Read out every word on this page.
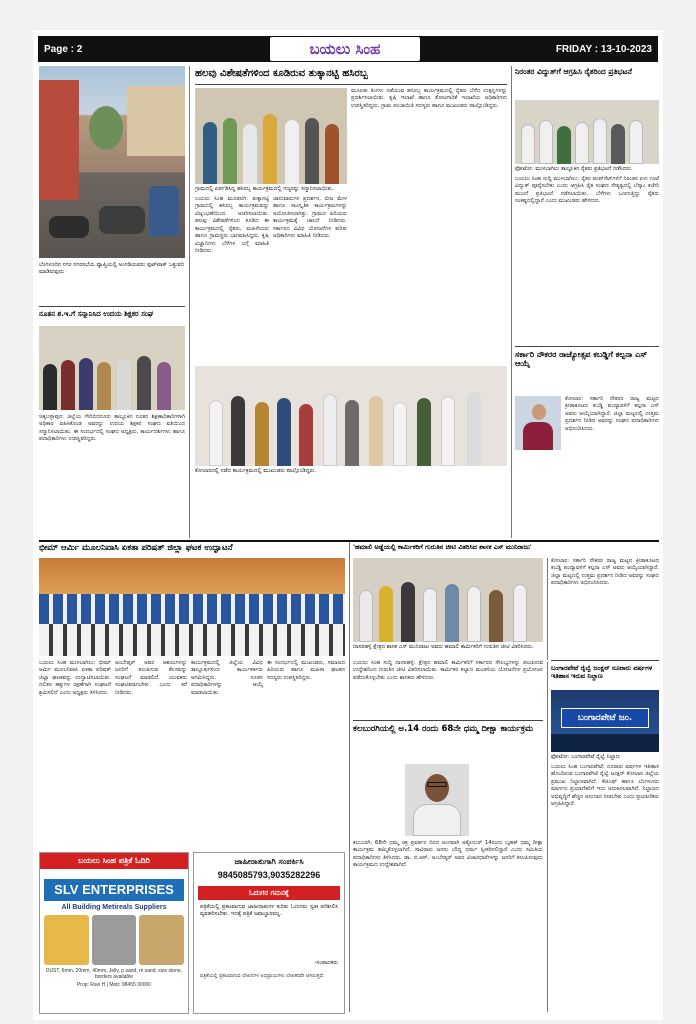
Page : 2	FRIDAY : 13-10-2023
ಬಯಲು ಸಿಂಹ
ಬೆಂಗಳೂರಿನ ನಗರ ನಗರಸಭೆಯ ವ್ಯಾಪ್ತಿಯಲ್ಲಿ ಅಂಗಡಿಯವರು ಫುಟ್‌ಪಾತ್ ಒತ್ತುವರಿ ಮಾಡಿರುವುದು
ನೂತನ ಶ.ಇ.ಗೆ ಸನ್ಮಾನಿಸಿದ ಉದಯ ಶಿಕ್ಷಕರ ಸಂಘ
ಚಿಕ್ಕಬಳ್ಳಾಪುರ: ಜಿಲ್ಲೆಯ ಗೌರಿಬಿದನೂರು ತಾಲ್ಲೂಕಿನ ನೂತನ ಶಿಕ್ಷಣಾಧಿಕಾರಿಗಳಾಗಿ ಅಧಿಕಾರ ವಹಿಸಿಕೊಂಡ ಅವರನ್ನು ಉದಯ ಶಿಕ್ಷಕರ ಸಂಘದ ವತಿಯಿಂದ ಸನ್ಮಾನಿಸಲಾಯಿತು. ಈ ಸಂದರ್ಭದಲ್ಲಿ ಸಂಘದ ಅಧ್ಯಕ್ಷರು, ಕಾರ್ಯದರ್ಶಿಗಳು ಹಾಗೂ ಪದಾಧಿಕಾರಿಗಳು ಉಪಸ್ಥಿತರಿದ್ದರು.
ಹಲವು ವಿಶೇಷತೆಗಳಿಂದ ಕೂಡಿರುವ ತುಕ್ಕಾನಟ್ಟಿ ಹಸಿರಬ್ಬ
ಗ್ರಾಮದಲ್ಲಿ ಏರ್ಪಡಿಸಿದ್ದ ಹಸಿರಬ್ಬ ಕಾರ್ಯಕ್ರಮದಲ್ಲಿ ಗಣ್ಯರನ್ನು ಸನ್ಮಾನಿಸಲಾಯಿತು.
ಬಯಲು ಸಿಂಹ ಮೂಡಲಗಿ: ತುಕ್ಕಾನಟ್ಟಿ ಗ್ರಾಮದಲ್ಲಿ ಹಸಿರಬ್ಬ ಕಾರ್ಯಕ್ರಮವನ್ನು ವಿಜೃಂಭಣೆಯಿಂದ ಆಚರಿಸಲಾಯಿತು. ಹಲವು ವಿಶೇಷತೆಗಳಿಂದ ಕೂಡಿದ ಈ ಕಾರ್ಯಕ್ರಮದಲ್ಲಿ ರೈತರು, ಮಹಿಳೆಯರು ಹಾಗೂ ಗ್ರಾಮಸ್ಥರು ಭಾಗವಹಿಸಿದ್ದರು. ಕೃಷಿ ವಿಜ್ಞಾನಿಗಳು ಬೆಳೆಗಳ ಬಗ್ಗೆ ಮಾಹಿತಿ ನೀಡಿದರು.
ಜಾನುವಾರುಗಳ ಪ್ರದರ್ಶನ, ಬೀಜ ಮೇಳ ಹಾಗೂ ಸಾಂಸ್ಕೃತಿಕ ಕಾರ್ಯಕ್ರಮಗಳನ್ನು ಆಯೋಜಿಸಲಾಗಿತ್ತು. ಗ್ರಾಮದ ಹಿರಿಯರು ಕಾರ್ಯಕ್ರಮಕ್ಕೆ ಚಾಲನೆ ನೀಡಿದರು. ಸರ್ಕಾರದ ವಿವಿಧ ಯೋಜನೆಗಳ ಕುರಿತು ಅಧಿಕಾರಿಗಳು ಮಾಹಿತಿ ನೀಡಿದರು.
ಮೂಲತಃ ತಿಂಗಳು ನಡೆಯುವ ಹಸಿರಬ್ಬ ಕಾರ್ಯಕ್ರಮದಲ್ಲಿ ರೈತರು ಬೆಳೆದ ಉತ್ಪನ್ನಗಳನ್ನು ಪ್ರದರ್ಶಿಸಲಾಯಿತು. ಕೃಷಿ ಇಲಾಖೆ ಹಾಗೂ ತೋಟಗಾರಿಕೆ ಇಲಾಖೆಯ ಅಧಿಕಾರಿಗಳು ಉಪಸ್ಥಿತರಿದ್ದರು. ಗ್ರಾಮ ಪಂಚಾಯಿತಿ ಸದಸ್ಯರು ಹಾಗೂ ಮುಖಂಡರು ಪಾಲ್ಗೊಂಡಿದ್ದರು.
ಕೋಲಾರದಲ್ಲಿ ನಡೆದ ಕಾರ್ಯಕ್ರಮದಲ್ಲಿ ಮುಖಂಡರು ಪಾಲ್ಗೊಂಡಿದ್ದರು.
ನಿರಂತರ ವಿದ್ಯುತ್‌ಗೆ ಆಗ್ರಹಿಸಿ ರೈತರಿಂದ ಪ್ರತಿಭಟನೆ
ಫೋಟೋ: ಮುಳಬಾಗಿಲು ತಾಲ್ಲೂಕಿನ ರೈತರು ಪ್ರತಿಭಟನೆ ನಡೆಸಿದರು.
ಬಯಲು ಸಿಂಹ ಸುದ್ದಿ ಮುಳಬಾಗಿಲು: ರೈತರ ಪಂಪ್‌ಸೆಟ್‌ಗಳಿಗೆ ನಿರಂತರ ಏಳು ಗಂಟೆ ವಿದ್ಯುತ್ ಪೂರೈಸಬೇಕು ಎಂದು ಆಗ್ರಹಿಸಿ ರೈತ ಸಂಘದ ನೇತೃತ್ವದಲ್ಲಿ ಬೆಸ್ಕಾಂ ಕಚೇರಿ ಮುಂದೆ ಪ್ರತಿಭಟನೆ ನಡೆಸಲಾಯಿತು. ಬೆಳೆಗಳು ಒಣಗುತ್ತಿದ್ದು ರೈತರು ಸಂಕಷ್ಟದಲ್ಲಿದ್ದಾರೆ ಎಂದು ಮುಖಂಡರು ಹೇಳಿದರು.
ಸರ್ಕಾರಿ ನೌಕರರ ರಾಜ್ಯೋತ್ಸವ ಕಬಡ್ಡಿಗೆ ಕಲ್ಪನಾ ಎಸ್ ಆಯ್ಕೆ
ಕೋಲಾರ: ಸರ್ಕಾರಿ ನೌಕರರ ರಾಜ್ಯ ಮಟ್ಟದ ಕ್ರೀಡಾಕೂಟದ ಕಬಡ್ಡಿ ಪಂದ್ಯಾವಳಿಗೆ ಕಲ್ಪನಾ ಎಸ್ ಅವರು ಆಯ್ಕೆಯಾಗಿದ್ದಾರೆ. ಜಿಲ್ಲಾ ಮಟ್ಟದಲ್ಲಿ ಉತ್ತಮ ಪ್ರದರ್ಶನ ನೀಡಿದ ಅವರನ್ನು ಸಂಘದ ಪದಾಧಿಕಾರಿಗಳು ಅಭಿನಂದಿಸಿದರು.
ಭೀಮ್ ಆರ್ಮಿ ಮೂಲನಿವಾಸಿ ಏಕತಾ ಪರಿಷತ್ ಜಿಲ್ಲಾ ಘಟಕ ಉದ್ಘಾಟನೆ
ಬಯಲು ಸಿಂಹ ಮುಳಬಾಗಿಲು: ಭೀಮ್ ಆರ್ಮಿ ಮೂಲನಿವಾಸಿ ಏಕತಾ ಪರಿಷತ್ ಜಿಲ್ಲಾ ಘಟಕವನ್ನು ಉದ್ಘಾಟಿಸಲಾಯಿತು. ದಲಿತರ ಹಕ್ಕುಗಳ ರಕ್ಷಣೆಗಾಗಿ ಸಂಘಟನೆ ಶ್ರಮಿಸಲಿದೆ ಎಂದು ಅಧ್ಯಕ್ಷರು ತಿಳಿಸಿದರು.
ಅಂಬೇಡ್ಕರ್ ಅವರ ಆಶಯಗಳನ್ನು ಜನರಿಗೆ ತಲುಪಿಸುವ ಕೆಲಸವನ್ನು ಸಂಘಟನೆ ಮಾಡಲಿದೆ. ಯುವಕರು ಸಂಘಟಿತರಾಗಬೇಕು ಎಂದು ಕರೆ ನೀಡಿದರು.
ಕಾರ್ಯಕ್ರಮದಲ್ಲಿ ಜಿಲ್ಲೆಯ ವಿವಿಧ ತಾಲ್ಲೂಕುಗಳಿಂದ ಕಾರ್ಯಕರ್ತರು ಆಗಮಿಸಿದ್ದರು. ನೂತನ ಪದಾಧಿಕಾರಿಗಳನ್ನು ಆಯ್ಕೆ ಮಾಡಲಾಯಿತು.
ಈ ಸಂದರ್ಭದಲ್ಲಿ ಮುಖಂಡರು, ಸಮಾಜದ ಹಿರಿಯರು ಹಾಗೂ ಮಹಿಳಾ ಘಟಕದ ಸದಸ್ಯರು ಉಪಸ್ಥಿತರಿದ್ದರು.
'ಹಮಾಲಿ ಅಡ್ಡೆಯಲ್ಲಿ ಕಾರ್ಮಿಕರಿಗೆ ಗುರುತಿನ ಚೀಟಿ ವಿತರಿಸಿದ ಶಾಸಕ ಎಸ್ ಮುನಿರಾಜು'
ದಾಸರಹಳ್ಳಿ ಕ್ಷೇತ್ರದ ಶಾಸಕ ಎಸ್ ಮುನಿರಾಜು ಅವರು ಹಮಾಲಿ ಕಾರ್ಮಿಕರಿಗೆ ಗುರುತಿನ ಚೀಟಿ ವಿತರಿಸಿದರು.
ಬಯಲು ಸಿಂಹ ಸುದ್ದಿ ದಾಸರಹಳ್ಳಿ: ಕ್ಷೇತ್ರದ ಹಮಾಲಿ ಕಾರ್ಮಿಕರಿಗೆ ಸರ್ಕಾರದ ಸೌಲಭ್ಯಗಳನ್ನು ತಲುಪಿಸುವ ಉದ್ದೇಶದಿಂದ ಗುರುತಿನ ಚೀಟಿ ವಿತರಿಸಲಾಯಿತು. ಕಾರ್ಮಿಕರ ಕಲ್ಯಾಣ ಮಂಡಳಿಯ ಯೋಜನೆಗಳ ಪ್ರಯೋಜನ ಪಡೆದುಕೊಳ್ಳಬೇಕು ಎಂದು ಶಾಸಕರು ಹೇಳಿದರು.
ಕೋಲಾರ: ಸರ್ಕಾರಿ ನೌಕರರ ರಾಜ್ಯ ಮಟ್ಟದ ಕ್ರೀಡಾಕೂಟದ ಕಬಡ್ಡಿ ಪಂದ್ಯಾವಳಿಗೆ ಕಲ್ಪನಾ ಎಸ್ ಅವರು ಆಯ್ಕೆಯಾಗಿದ್ದಾರೆ. ಜಿಲ್ಲಾ ಮಟ್ಟದಲ್ಲಿ ಉತ್ತಮ ಪ್ರದರ್ಶನ ನೀಡಿದ ಅವರನ್ನು ಸಂಘದ ಪದಾಧಿಕಾರಿಗಳು ಅಭಿನಂದಿಸಿದರು.
ಕಲಬುರಗಿಯಲ್ಲಿ ಅ.14 ರಂದು 68ನೇ ಧಮ್ಮ ದೀಕ್ಷಾ ಕಾರ್ಯಕ್ರಮ
ಕಲಬುರಗಿ: 68ನೇ ಧಮ್ಮ ಚಕ್ರ ಪ್ರವರ್ತನ ದಿನದ ಅಂಗವಾಗಿ ಅಕ್ಟೋಬರ್ 14ರಂದು ಬೃಹತ್ ಧಮ್ಮ ದೀಕ್ಷಾ ಕಾರ್ಯಕ್ರಮ ಹಮ್ಮಿಕೊಳ್ಳಲಾಗಿದೆ. ಸಾವಿರಾರು ಜನರು ಬೌದ್ಧ ಧರ್ಮ ಸ್ವೀಕರಿಸಲಿದ್ದಾರೆ ಎಂದು ಸಮಿತಿಯ ಪದಾಧಿಕಾರಿಗಳು ತಿಳಿಸಿದರು. ಡಾ. ಬಿ.ಆರ್. ಅಂಬೇಡ್ಕರ್ ಅವರ ವಿಚಾರಧಾರೆಗಳನ್ನು ಜನರಿಗೆ ತಲುಪಿಸುವುದು ಕಾರ್ಯಕ್ರಮದ ಉದ್ದೇಶವಾಗಿದೆ.
ಬಂಗಾರಪೇಟೆ ರೈಲ್ವೆ ಜಂಕ್ಷನ್ ನೂರಾರು ವರ್ಷಗಳ ಇತಿಹಾಸ ಇರುವ ನಿಲ್ದಾಣ
ಬಂಗಾರಪೇಟೆ ಜಂ.
ಫೋಟೋ: ಬಂಗಾರಪೇಟೆ ರೈಲ್ವೆ ನಿಲ್ದಾಣ
ಬಯಲು ಸಿಂಹ ಬಂಗಾರಪೇಟೆ: ನೂರಾರು ವರ್ಷಗಳ ಇತಿಹಾಸ ಹೊಂದಿರುವ ಬಂಗಾರಪೇಟೆ ರೈಲ್ವೆ ಜಂಕ್ಷನ್ ಕೋಲಾರ ಜಿಲ್ಲೆಯ ಪ್ರಮುಖ ನಿಲ್ದಾಣವಾಗಿದೆ. ಕೆಜಿಎಫ್ ಹಾಗೂ ಬೆಂಗಳೂರು ಮಾರ್ಗದ ಪ್ರಯಾಣಿಕರಿಗೆ ಇದು ಅನುಕೂಲವಾಗಿದೆ. ನಿಲ್ದಾಣದ ಅಭಿವೃದ್ಧಿಗೆ ಹೆಚ್ಚಿನ ಅನುದಾನ ನೀಡಬೇಕು ಎಂದು ಪ್ರಯಾಣಿಕರು ಆಗ್ರಹಿಸಿದ್ದಾರೆ.
ಬಯಲು ಸಿಂಹ ಪತ್ರಿಕೆ ಓದಿರಿ
SLV ENTERPRISES
All Building Metireals Suppliers
DUST, 6mm, 20mm, 40mm, Jelly, p sand, m sand, size stone, borders available
Prop: Ravi H | Mob: 98455 00000
ಜಾಹೀರಾತುಗಾಗಿ ಸಂಪರ್ಕಿಸಿ
9845085793,9035282296
ಓದುಗರ ಗಮನಕ್ಕೆ
ಪತ್ರಿಕೆಯಲ್ಲಿ ಪ್ರಕಟವಾಗುವ ಜಾಹೀರಾತುಗಳ ಕುರಿತು ಓದುಗರು ಸ್ವತಃ ಪರಿಶೀಲಿಸಿ ವ್ಯವಹರಿಸಬೇಕು. ಇದಕ್ಕೆ ಪತ್ರಿಕೆ ಜವಾಬ್ದಾರವಲ್ಲ.
-ಸಂಪಾದಕರು
ಪತ್ರಿಕೆಯಲ್ಲಿ ಪ್ರಕಟವಾಗುವ ಲೇಖನಗಳ ಅಭಿಪ್ರಾಯಗಳು ಲೇಖಕರವೇ ಆಗಿರುತ್ತವೆ.
